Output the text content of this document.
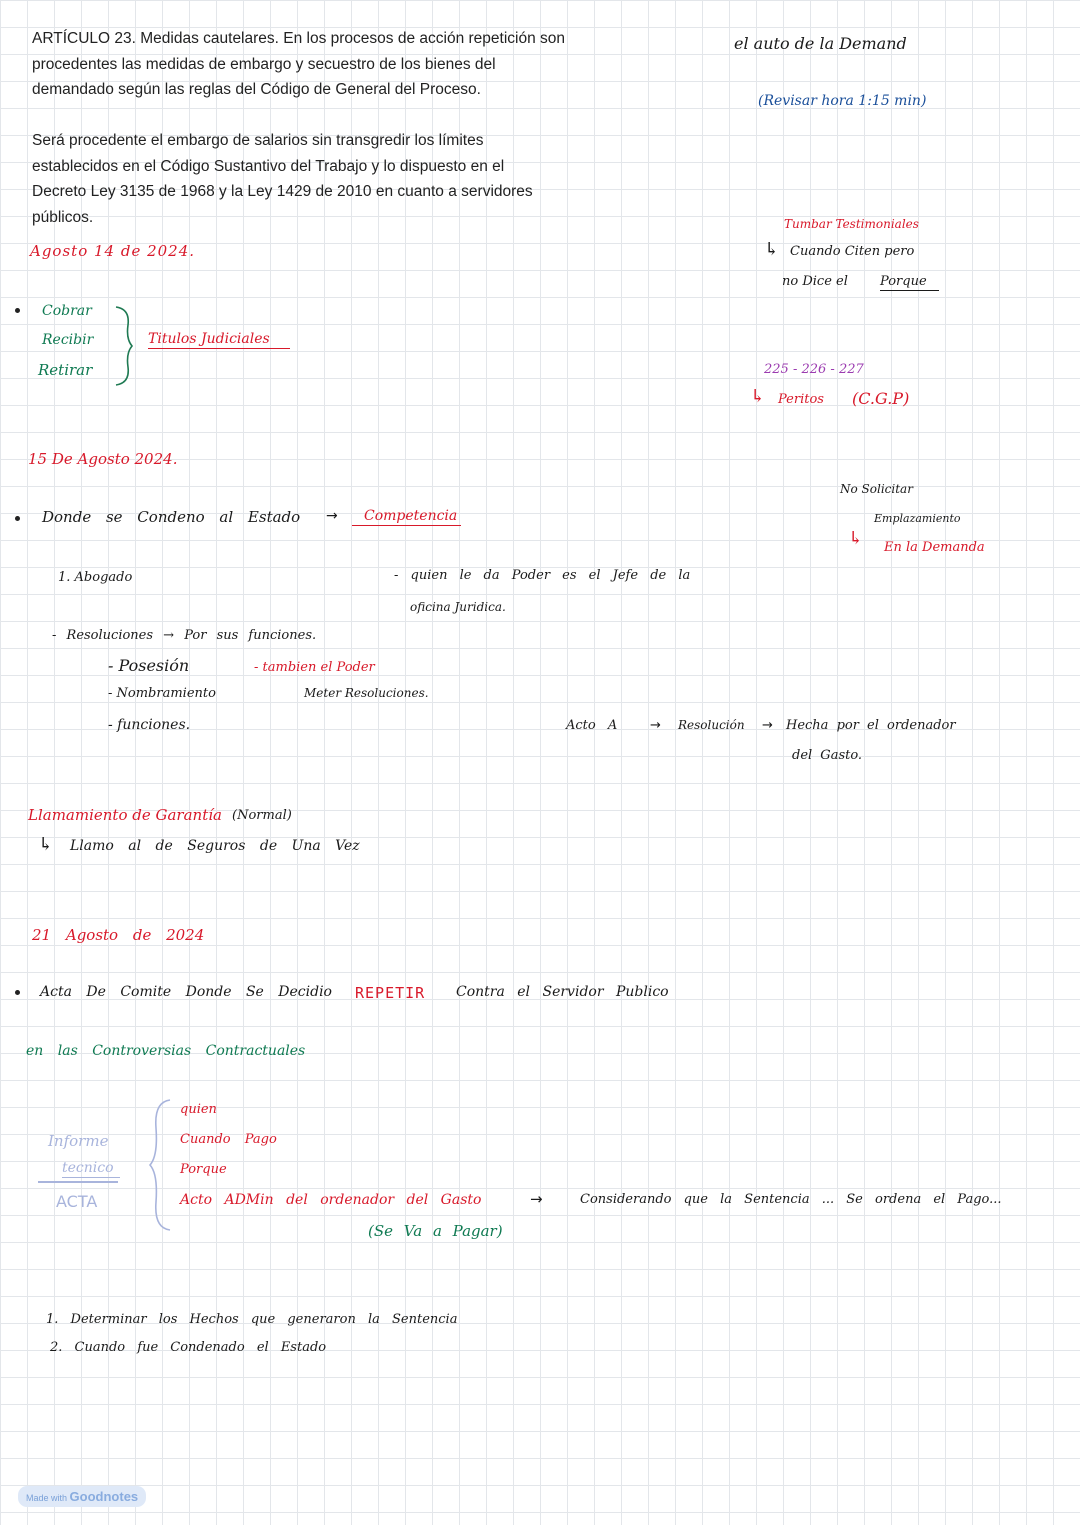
ARTÍCULO 23. Medidas cautelares. En los procesos de acción repetición son procedentes las medidas de embargo y secuestro de los bienes del demandado según las reglas del Código de General del Proceso.
Será procedente el embargo de salarios sin transgredir los límites establecidos en el Código Sustantivo del Trabajo y lo dispuesto en el Decreto Ley 3135 de 1968 y la Ley 1429 de 2010 en cuanto a servidores públicos.
el auto de la Demand
(Revisar hora 1:15 min)
Tumbar Testimoniales
↳ Cuando Citen pero
no Dice el Porque
225 - 226 - 227
↳ Peritos (C.G.P)
No Solicitar
Emplazamiento
↳ En la Demanda
Agosto 14 de 2024.
Cobrar
Recibir
Retirar
Titulos Judiciales
15 De Agosto 2024.
Donde se Condeno al Estado →	Competencia
1. Abogado	- quien le da Poder es el Jefe de la
oficina Juridica.
- Resoluciones → Por sus funciones.
- Posesión	- tambien el Poder
- Nombramiento	Meter Resoluciones.
- funciones.	Acto A	→ Resolución → Hecha por el ordenador
del Gasto.
Llamamiento de Garantía (Normal)
↳ Llamo al de Seguros de Una Vez
21 Agosto de 2024
Acta De Comite Donde Se Decidio REPETIR Contra el Servidor Publico
en las Controversias Contractuales
Informe
tecnico
ACTA
quien
Cuando Pago
Porque
Acto ADMin del ordenador del Gasto	→	Considerando que la Sentencia ... Se ordena el Pago...
(Se Va a Pagar)
1. Determinar los Hechos que generaron la Sentencia
2. Cuando fue Condenado el Estado
Made with Goodnotes
